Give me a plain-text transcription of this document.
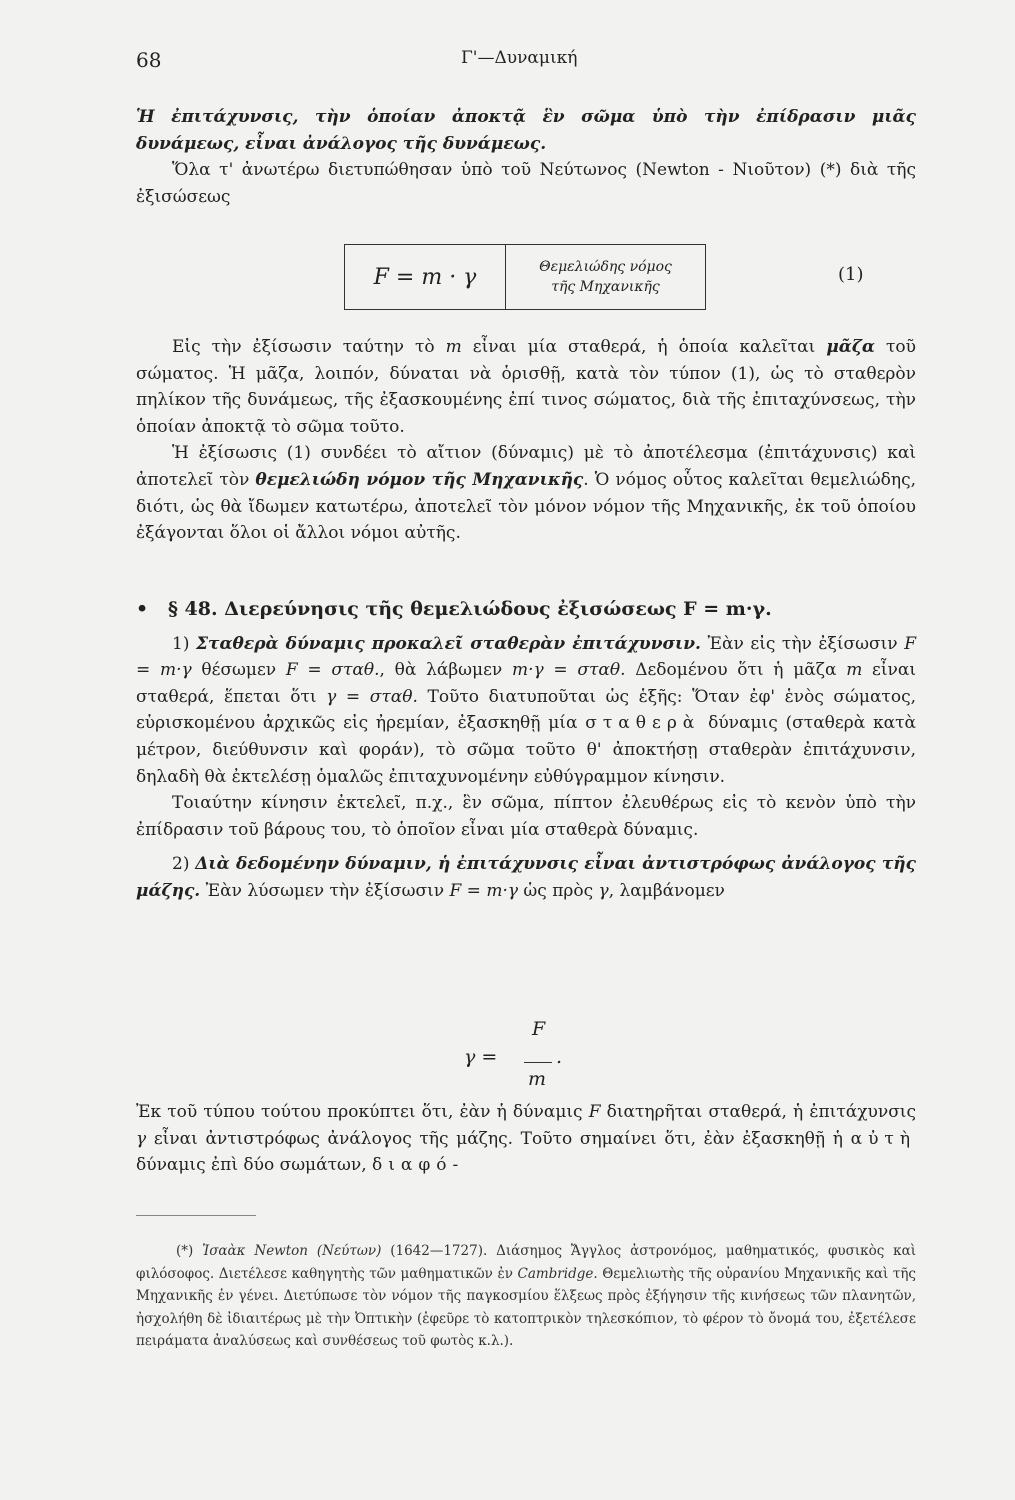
68	Γ'—Δυναμική

Ἡ ἐπιτάχυνσις, τὴν ὁποίαν ἀποκτᾷ ἓν σῶμα ὑπὸ τὴν ἐπίδρασιν μιᾶς δυνάμεως, εἶναι ἀνάλογος τῆς δυνάμεως.

Ὅλα τ' ἀνωτέρω διετυπώθησαν ὑπὸ τοῦ Νεύτωνος (Newton - Νιοῦτον) (*) διὰ τῆς ἐξισώσεως

F = m · γ	Θεμελιώδης νόμος
τῆς Μηχανικῆς
(1)

Εἰς τὴν ἐξίσωσιν ταύτην τὸ m εἶναι μία σταθερά, ἡ ὁποία καλεῖται μᾶζα τοῦ σώματος. Ἡ μᾶζα, λοιπόν, δύναται νὰ ὁρισθῇ, κατὰ τὸν τύπον (1), ὡς τὸ σταθερὸν πηλίκον τῆς δυνάμεως, τῆς ἐξασκουμένης ἐπί τινος σώματος, διὰ τῆς ἐπιταχύνσεως, τὴν ὁποίαν ἀποκτᾷ τὸ σῶμα τοῦτο.

Ἡ ἐξίσωσις (1) συνδέει τὸ αἴτιον (δύναμις) μὲ τὸ ἀποτέλεσμα (ἐπιτάχυνσις) καὶ ἀποτελεῖ τὸν θεμελιώδη νόμον τῆς Μηχανικῆς. Ὁ νόμος οὗτος καλεῖται θεμελιώδης, διότι, ὡς θὰ ἴδωμεν κατωτέρω, ἀποτελεῖ τὸν μόνον νόμον τῆς Μηχανικῆς, ἐκ τοῦ ὁποίου ἐξάγονται ὅλοι οἱ ἄλλοι νόμοι αὐτῆς.

• § 48. Διερεύνησις τῆς θεμελιώδους ἐξισώσεως F = m·γ.

1) Σταθερὰ δύναμις προκαλεῖ σταθερὰν ἐπιτάχυνσιν. Ἐὰν εἰς τὴν ἐξίσωσιν F = m·γ θέσωμεν F = σταθ., θὰ λάβωμεν m·γ = σταθ. Δεδομένου ὅτι ἡ μᾶζα m εἶναι σταθερά, ἕπεται ὅτι γ = σταθ. Τοῦτο διατυποῦται ὡς ἑξῆς: Ὅταν ἐφ' ἑνὸς σώματος, εὑρισκομένου ἀρχικῶς εἰς ἠρεμίαν, ἐξασκηθῇ μία σταθερὰ δύναμις (σταθερὰ κατὰ μέτρον, διεύθυνσιν καὶ φοράν), τὸ σῶμα τοῦτο θ' ἀποκτήσῃ σταθερὰν ἐπιτάχυνσιν, δηλαδὴ θὰ ἐκτελέσῃ ὁμαλῶς ἐπιταχυνομένην εὐθύγραμμον κίνησιν.

Τοιαύτην κίνησιν ἐκτελεῖ, π.χ., ἓν σῶμα, πίπτον ἐλευθέρως εἰς τὸ κενὸν ὑπὸ τὴν ἐπίδρασιν τοῦ βάρους του, τὸ ὁποῖον εἶναι μία σταθερὰ δύναμις.

2) Διὰ δεδομένην δύναμιν, ἡ ἐπιτάχυνσις εἶναι ἀντιστρόφως ἀνάλογος τῆς μάζης. Ἐὰν λύσωμεν τὴν ἐξίσωσιν F = m·γ ὡς πρὸς γ, λαμβάνομεν

γ =
F
m
.

Ἐκ τοῦ τύπου τούτου προκύπτει ὅτι, ἐὰν ἡ δύναμις F διατηρῆται σταθερά, ἡ ἐπιτάχυνσις γ εἶναι ἀντιστρόφως ἀνάλογος τῆς μάζης. Τοῦτο σημαίνει ὅτι, ἐὰν ἐξασκηθῇ ἡ αὐτὴ δύναμις ἐπὶ δύο σωμάτων, διαφό-

(*) Ἰσαὰκ Newton (Νεύτων) (1642—1727). Διάσημος Ἄγγλος ἀστρονόμος, μαθηματικός, φυσικὸς καὶ φιλόσοφος. Διετέλεσε καθηγητὴς τῶν μαθηματικῶν ἐν Cambridge. Θεμελιωτὴς τῆς οὐρανίου Μηχανικῆς καὶ τῆς Μηχανικῆς ἐν γένει. Διετύπωσε τὸν νόμον τῆς παγκοσμίου ἕλξεως πρὸς ἐξήγησιν τῆς κινήσεως τῶν πλανητῶν, ἠσχολήθη δὲ ἰδιαιτέρως μὲ τὴν Ὀπτικὴν (ἐφεῦρε τὸ κατοπτρικὸν τηλεσκόπιον, τὸ φέρον τὸ ὄνομά του, ἐξετέλεσε πειράματα ἀναλύσεως καὶ συνθέσεως τοῦ φωτὸς κ.λ.).
